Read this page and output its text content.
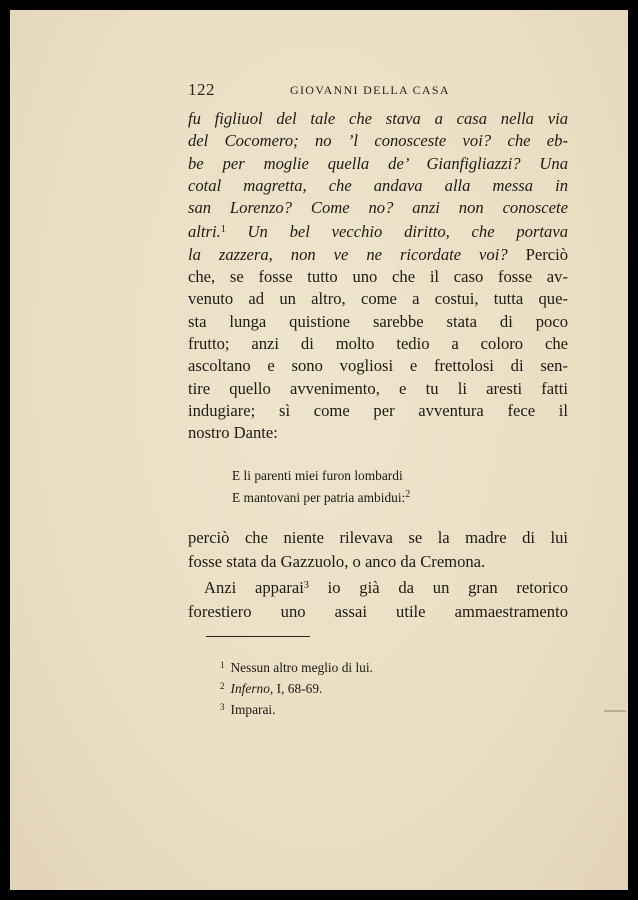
122	GIOVANNI DELLA CASA
fu figliuol del tale che stava a casa nella via
del Cocomero; no ’l conosceste voi? che eb-
be per moglie quella de’ Gianfigliazzi? Una
cotal magretta, che andava alla messa in
san Lorenzo? Come no? anzi non conoscete
altri.$^1$ Un bel vecchio diritto, che portava
la zazzera, non ve ne ricordate voi? Perciò
che, se fosse tutto uno che il caso fosse av-
venuto ad un altro, come a costui, tutta que-
sta lunga quistione sarebbe stata di poco
frutto; anzi di molto tedio a coloro che
ascoltano e sono vogliosi e frettolosi di sen-
tire quello avvenimento, e tu li aresti fatti
indugiare; sì come per avventura fece il
nostro Dante:
E li parenti miei furon lombardi
E mantovani per patria ambidui:$^2$
perciò che niente rilevava se la madre di lui
fosse stata da Gazzuolo, o anco da Cremona.
Anzi apparai$^3$ io già da un gran retorico
forestiero uno assai utile ammaestramento
$^1$ Nessun altro meglio di lui.
$^2$ Inferno, I, 68-69.
$^3$ Imparai.
